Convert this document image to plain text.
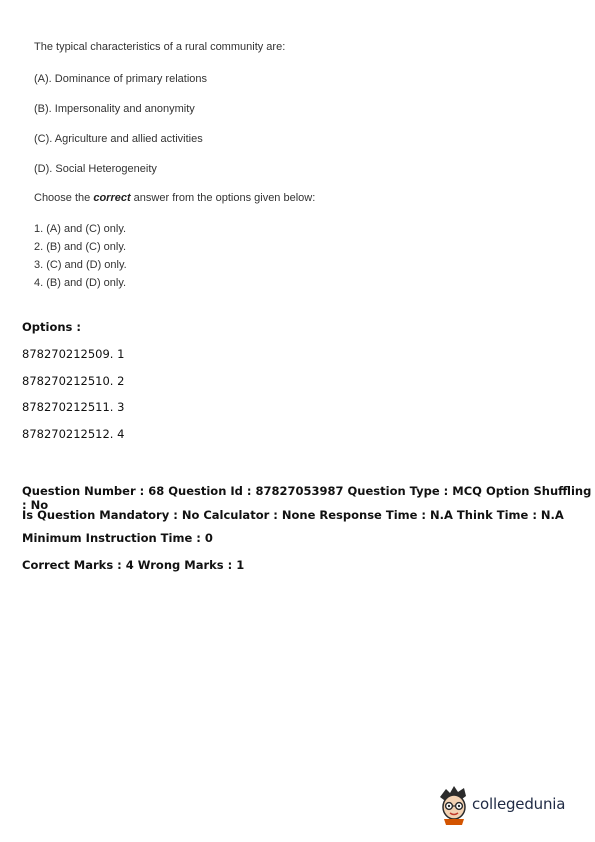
The typical characteristics of a rural community are:

(A). Dominance of primary relations
(B). Impersonality and anonymity
(C). Agriculture and allied activities
(D). Social Heterogeneity
Choose the correct answer from the options given below:
1. (A) and (C) only.
2. (B) and (C) only.
3. (C) and (D) only.
4. (B) and (D) only.
Options :
878270212509. 1
878270212510. 2
878270212511. 3
878270212512. 4
Question Number : 68 Question Id : 87827053987 Question Type : MCQ Option Shuffling : No
Is Question Mandatory : No Calculator : None Response Time : N.A Think Time : N.A
Minimum Instruction Time : 0
Correct Marks : 4 Wrong Marks : 1
collegedunia
